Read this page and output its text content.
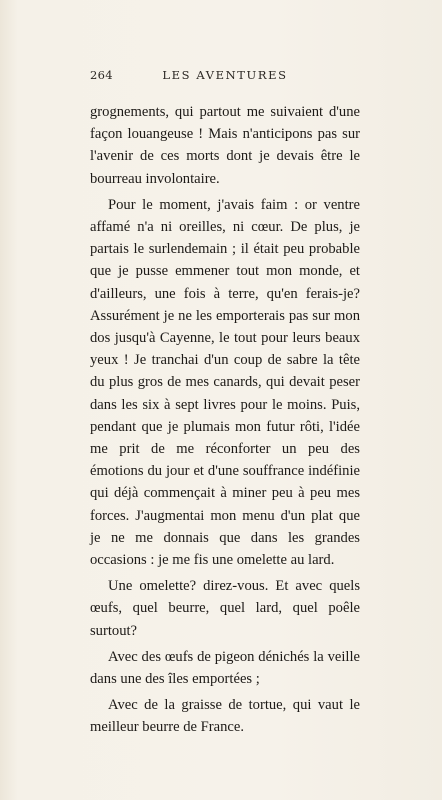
264	LES AVENTURES

grognements, qui partout me suivaient d'une façon louangeuse ! Mais n'anticipons pas sur l'avenir de ces morts dont je devais être le bourreau involontaire.

Pour le moment, j'avais faim : or ventre affamé n'a ni oreilles, ni cœur. De plus, je partais le surlendemain ; il était peu probable que je pusse emmener tout mon monde, et d'ailleurs, une fois à terre, qu'en ferais-je? Assurément je ne les emporterais pas sur mon dos jusqu'à Cayenne, le tout pour leurs beaux yeux ! Je tranchai d'un coup de sabre la tête du plus gros de mes canards, qui devait peser dans les six à sept livres pour le moins. Puis, pendant que je plumais mon futur rôti, l'idée me prit de me réconforter un peu des émotions du jour et d'une souffrance indéfinie qui déjà commençait à miner peu à peu mes forces. J'augmentai mon menu d'un plat que je ne me donnais que dans les grandes occasions : je me fis une omelette au lard.

Une omelette? direz-vous. Et avec quels œufs, quel beurre, quel lard, quel poêle surtout?

Avec des œufs de pigeon dénichés la veille dans une des îles emportées ;

Avec de la graisse de tortue, qui vaut le meilleur beurre de France.
